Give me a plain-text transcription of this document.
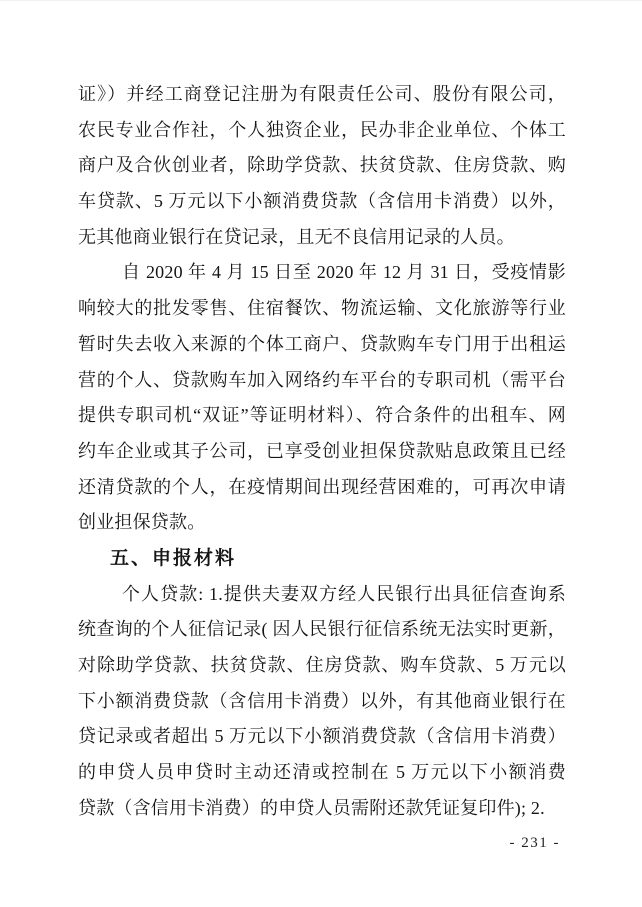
证》）并经工商登记注册为有限责任公司、股份有限公司，
农民专业合作社，个人独资企业，民办非企业单位、个体工
商户及合伙创业者，除助学贷款、扶贫贷款、住房贷款、购
车贷款、5 万元以下小额消费贷款（含信用卡消费）以外，
无其他商业银行在贷记录，且无不良信用记录的人员。
自 2020 年 4 月 15 日至 2020 年 12 月 31 日，受疫情影
响较大的批发零售、住宿餐饮、物流运输、文化旅游等行业
暂时失去收入来源的个体工商户、贷款购车专门用于出租运
营的个人、贷款购车加入网络约车平台的专职司机（需平台
提供专职司机“双证”等证明材料）、符合条件的出租车、网
约车企业或其子公司，已享受创业担保贷款贴息政策且已经
还清贷款的个人，在疫情期间出现经营困难的，可再次申请
创业担保贷款。
五、申报材料
个人贷款: 1.提供夫妻双方经人民银行出具征信查询系
统查询的个人征信记录( 因人民银行征信系统无法实时更新，
对除助学贷款、扶贫贷款、住房贷款、购车贷款、5 万元以
下小额消费贷款（含信用卡消费）以外，有其他商业银行在
贷记录或者超出 5 万元以下小额消费贷款（含信用卡消费）
的申贷人员申贷时主动还清或控制在 5 万元以下小额消费
贷款（含信用卡消费）的申贷人员需附还款凭证复印件); 2.
- 231 -
